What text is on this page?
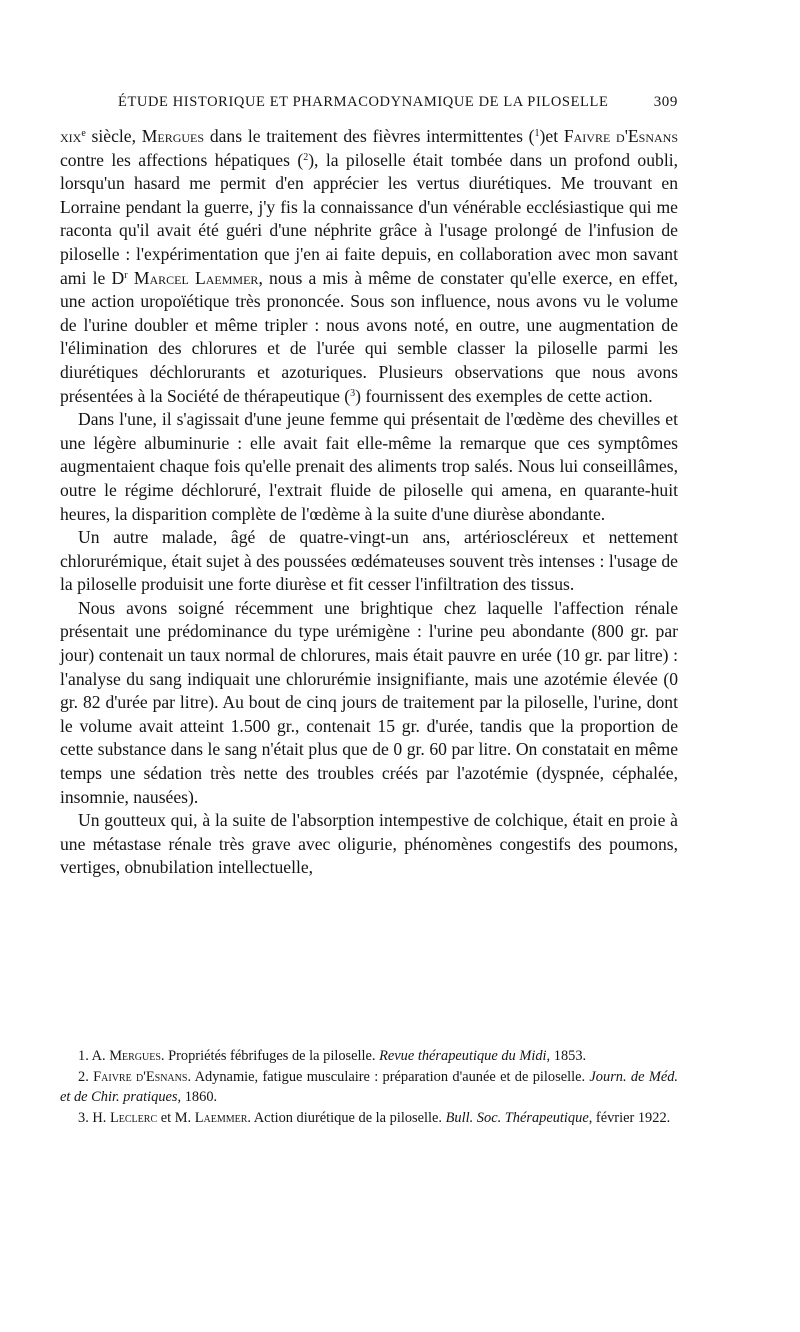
ÉTUDE HISTORIQUE ET PHARMACODYNAMIQUE DE LA PILOSELLE	309

xix$^e$ siècle, Mergues dans le traitement des fièvres intermittentes ($^1$)et Faivre d'Esnans contre les affections hépatiques ($^2$), la piloselle était tombée dans un profond oubli, lorsqu'un hasard me permit d'en apprécier les vertus diurétiques. Me trouvant en Lorraine pendant la guerre, j'y fis la connaissance d'un vénérable ecclésiastique qui me raconta qu'il avait été guéri d'une néphrite grâce à l'usage prolongé de l'infusion de piloselle : l'expérimentation que j'en ai faite depuis, en collaboration avec mon savant ami le $D^r$ Marcel Laemmer, nous a mis à même de constater qu'elle exerce, en effet, une action uropoïétique très prononcée. Sous son influence, nous avons vu le volume de l'urine doubler et même tripler : nous avons noté, en outre, une augmentation de l'élimination des chlorures et de l'urée qui semble classer la piloselle parmi les diurétiques déchlorurants et azoturiques. Plusieurs observations que nous avons présentées à la Société de thérapeutique ($^3$) fournissent des exemples de cette action.

Dans l'une, il s'agissait d'une jeune femme qui présentait de l'œdème des chevilles et une légère albuminurie : elle avait fait elle-même la remarque que ces symptômes augmentaient chaque fois qu'elle prenait des aliments trop salés. Nous lui conseillâmes, outre le régime déchloruré, l'extrait fluide de piloselle qui amena, en quarante-huit heures, la disparition complète de l'œdème à la suite d'une diurèse abondante.

Un autre malade, âgé de quatre-vingt-un ans, artérioscléreux et nettement chlorurémique, était sujet à des poussées œdémateuses souvent très intenses : l'usage de la piloselle produisit une forte diurèse et fit cesser l'infiltration des tissus.

Nous avons soigné récemment une brightique chez laquelle l'affection rénale présentait une prédominance du type urémigène : l'urine peu abondante (800 gr. par jour) contenait un taux normal de chlorures, mais était pauvre en urée (10 gr. par litre) : l'analyse du sang indiquait une chlorurémie insignifiante, mais une azotémie élevée (0 gr. 82 d'urée par litre). Au bout de cinq jours de traitement par la piloselle, l'urine, dont le volume avait atteint 1.500 gr., contenait 15 gr. d'urée, tandis que la proportion de cette substance dans le sang n'était plus que de 0 gr. 60 par litre. On constatait en même temps une sédation très nette des troubles créés par l'azotémie (dyspnée, céphalée, insomnie, nausées).

Un goutteux qui, à la suite de l'absorption intempestive de colchique, était en proie à une métastase rénale très grave avec oligurie, phénomènes congestifs des poumons, vertiges, obnubilation intellectuelle,

1. A. Mergues. Propriétés fébrifuges de la piloselle. Revue thérapeutique du Midi, 1853.

2. Faivre d'Esnans. Adynamie, fatigue musculaire : préparation d'aunée et de piloselle. Journ. de Méd. et de Chir. pratiques, 1860.

3. H. Leclerc et M. Laemmer. Action diurétique de la piloselle. Bull. Soc. Thérapeutique, février 1922.
